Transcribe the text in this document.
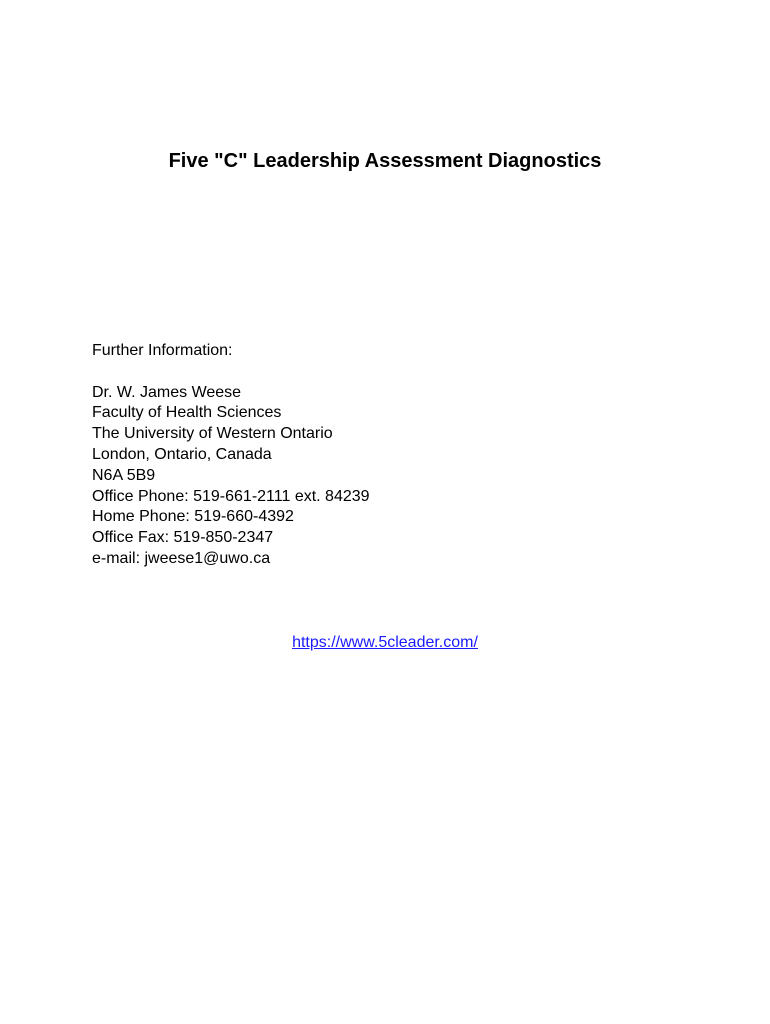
Five "C" Leadership Assessment Diagnostics
Further Information:
Dr. W. James Weese
Faculty of Health Sciences
The University of Western Ontario
London, Ontario, Canada
N6A 5B9
Office Phone: 519-661-2111 ext. 84239
Home Phone: 519-660-4392
Office Fax: 519-850-2347
e-mail: jweese1@uwo.ca
https://www.5cleader.com/
